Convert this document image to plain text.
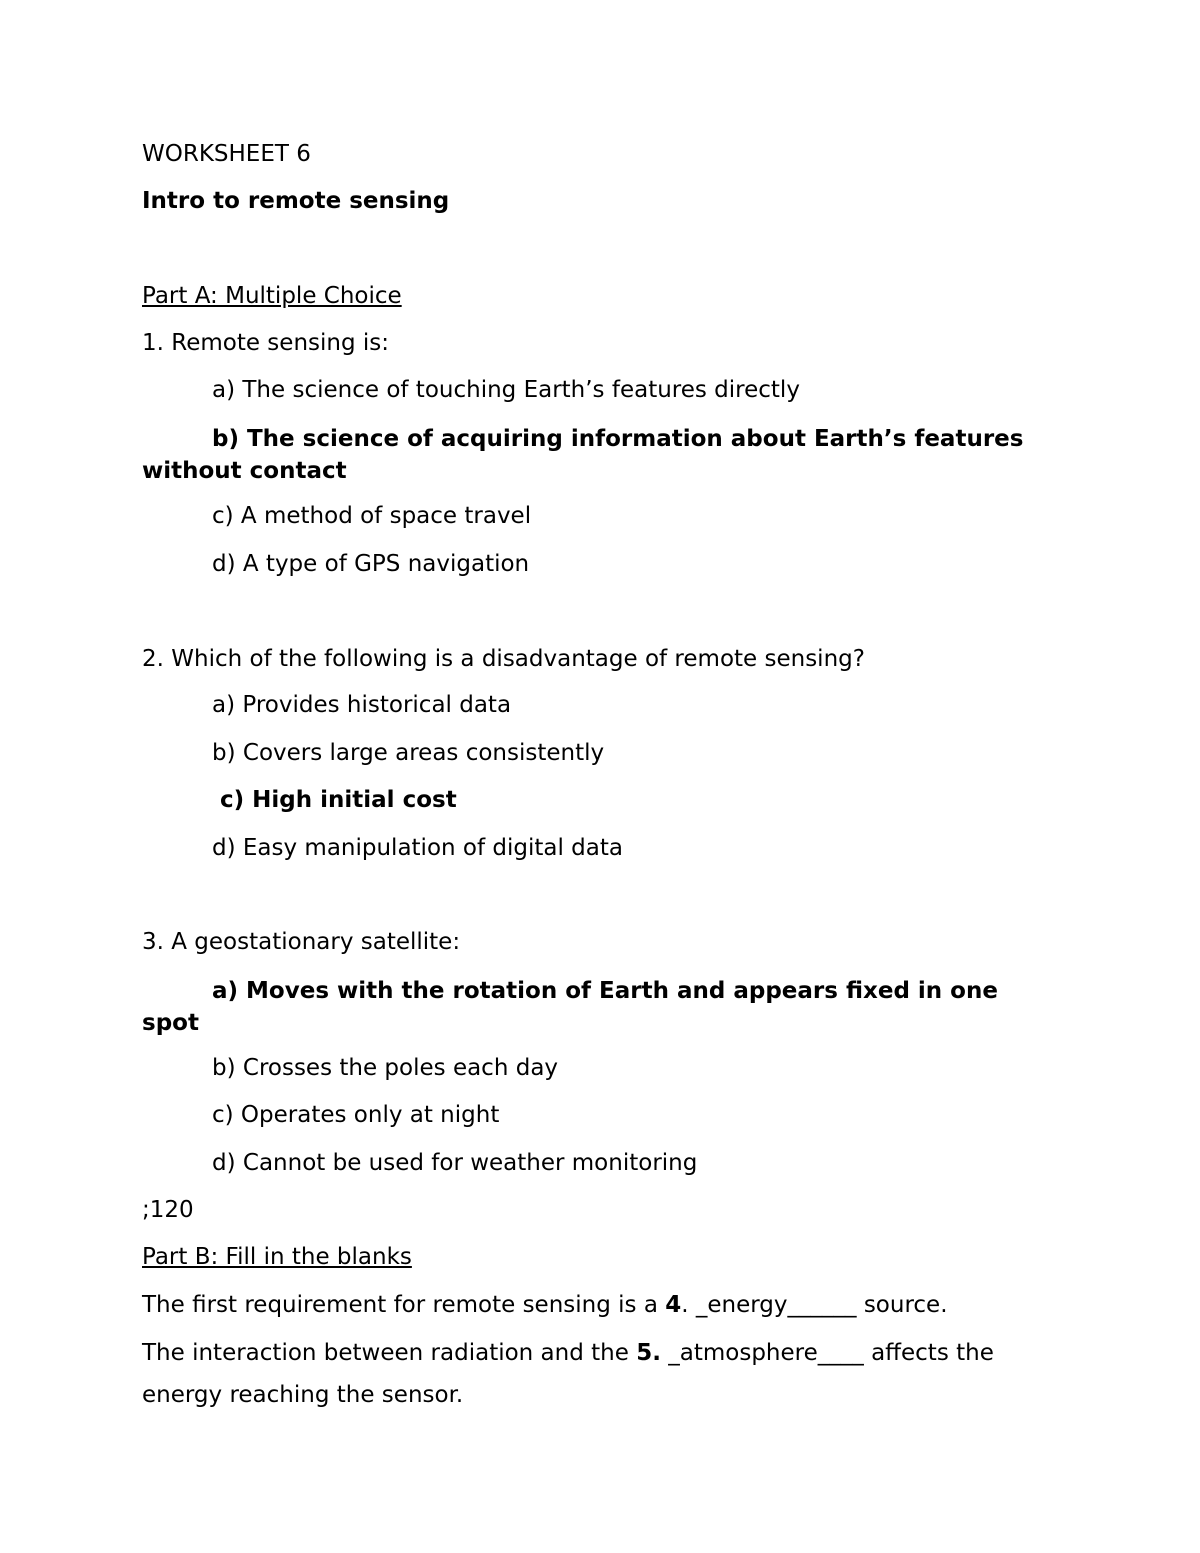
WORKSHEET 6
Intro to remote sensing
Part A: Multiple Choice
1. Remote sensing is:
a) The science of touching Earth’s features directly
b) The science of acquiring information about Earth’s features without contact
c) A method of space travel
d) A type of GPS navigation
2. Which of the following is a disadvantage of remote sensing?
a) Provides historical data
b) Covers large areas consistently
c) High initial cost
d) Easy manipulation of digital data
3. A geostationary satellite:
a) Moves with the rotation of Earth and appears fixed in one spot
b) Crosses the poles each day
c) Operates only at night
d) Cannot be used for weather monitoring
;120
Part B: Fill in the blanks
The first requirement for remote sensing is a 4. _energy______ source.
The interaction between radiation and the 5. _atmosphere____ affects the energy reaching the sensor.
